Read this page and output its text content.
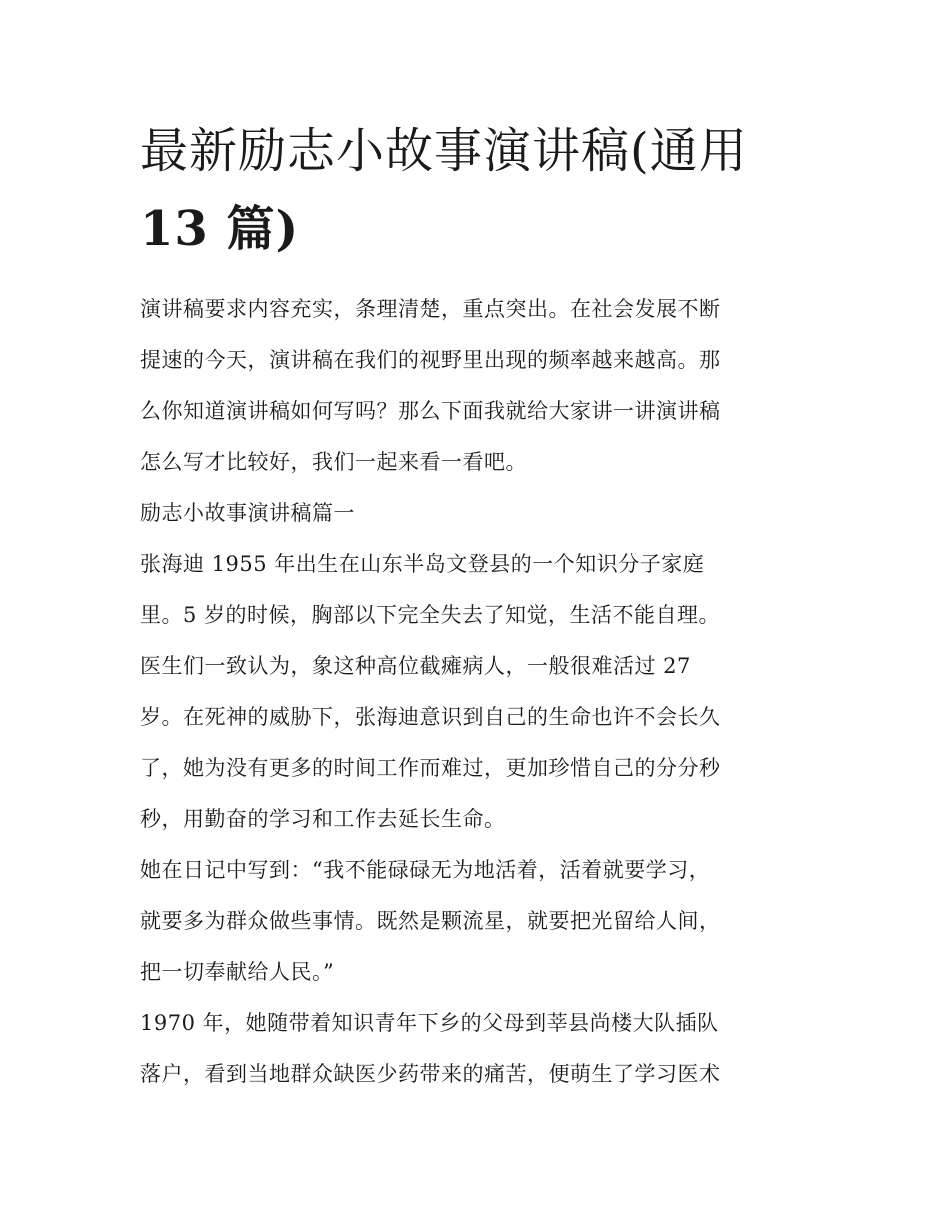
最新励志小故事演讲稿(通用
13 篇)
演讲稿要求内容充实，条理清楚，重点突出。在社会发展不断
提速的今天，演讲稿在我们的视野里出现的频率越来越高。那
么你知道演讲稿如何写吗？那么下面我就给大家讲一讲演讲稿
怎么写才比较好，我们一起来看一看吧。
励志小故事演讲稿篇一
张海迪 1955 年出生在山东半岛文登县的一个知识分子家庭
里。5 岁的时候，胸部以下完全失去了知觉，生活不能自理。
医生们一致认为，象这种高位截瘫病人，一般很难活过 27
岁。在死神的威胁下，张海迪意识到自己的生命也许不会长久
了，她为没有更多的时间工作而难过，更加珍惜自己的分分秒
秒，用勤奋的学习和工作去延长生命。
她在日记中写到：“我不能碌碌无为地活着，活着就要学习，
就要多为群众做些事情。既然是颗流星，就要把光留给人间，
把一切奉献给人民。”
1970 年，她随带着知识青年下乡的父母到莘县尚楼大队插队
落户，看到当地群众缺医少药带来的痛苦，便萌生了学习医术
